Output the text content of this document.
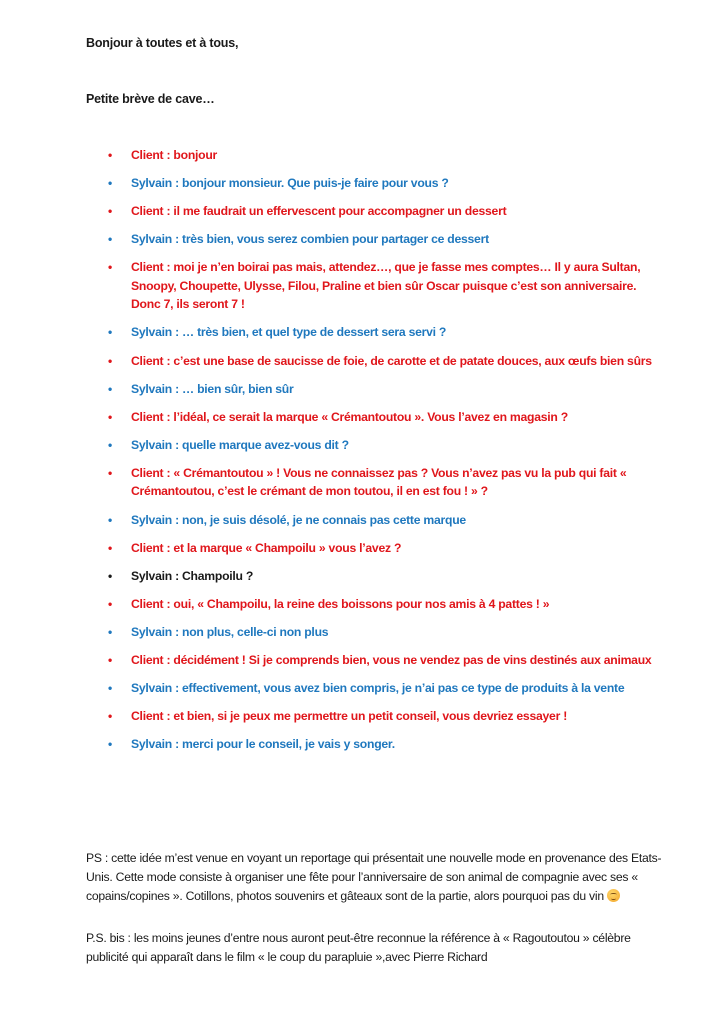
Bonjour à toutes et à tous,
Petite brève de cave…
• Client : bonjour
• Sylvain : bonjour monsieur. Que puis-je faire pour vous ?
• Client : il me faudrait un effervescent pour accompagner un dessert
• Sylvain : très bien, vous serez combien pour partager ce dessert
• Client : moi je n’en boirai pas mais, attendez…, que je fasse mes comptes… Il y aura Sultan, Snoopy, Choupette, Ulysse, Filou, Praline et bien sûr Oscar puisque c’est son anniversaire. Donc 7, ils seront 7 !
• Sylvain : … très bien, et quel type de dessert sera servi ?
• Client : c’est une base de saucisse de foie, de carotte et de patate douces, aux œufs bien sûrs
• Sylvain : … bien sûr, bien sûr
• Client : l’idéal, ce serait la marque « Crémantoutou ». Vous l’avez en magasin ?
• Sylvain : quelle marque avez-vous dit ?
• Client : « Crémantoutou » ! Vous ne connaissez pas ? Vous n’avez pas vu la pub qui fait « Crémantoutou, c’est le crémant de mon toutou, il en est fou ! » ?
• Sylvain : non, je suis désolé, je ne connais pas cette marque
• Client : et la marque « Champoilu » vous l’avez ?
• Sylvain : Champoilu ?
• Client : oui, « Champoilu, la reine des boissons pour nos amis à 4 pattes ! »
• Sylvain : non plus, celle-ci non plus
• Client : décidément ! Si je comprends bien, vous ne vendez pas de vins destinés aux animaux
• Sylvain : effectivement, vous avez bien compris, je n’ai pas ce type de produits à la vente
• Client : et bien, si je peux me permettre un petit conseil, vous devriez essayer !
• Sylvain : merci pour le conseil, je vais y songer.
PS : cette idée m’est venue en voyant un reportage qui présentait une nouvelle mode en provenance des Etats-Unis. Cette mode consiste à organiser une fête pour l’anniversaire de son animal de compagnie avec ses « copains/copines ». Cotillons, photos souvenirs et gâteaux sont de la partie, alors pourquoi pas du vin
P.S. bis : les moins jeunes d’entre nous auront peut-être reconnue la référence à « Ragoutoutou » célèbre publicité qui apparaît dans le film « le coup du parapluie »,avec Pierre Richard
